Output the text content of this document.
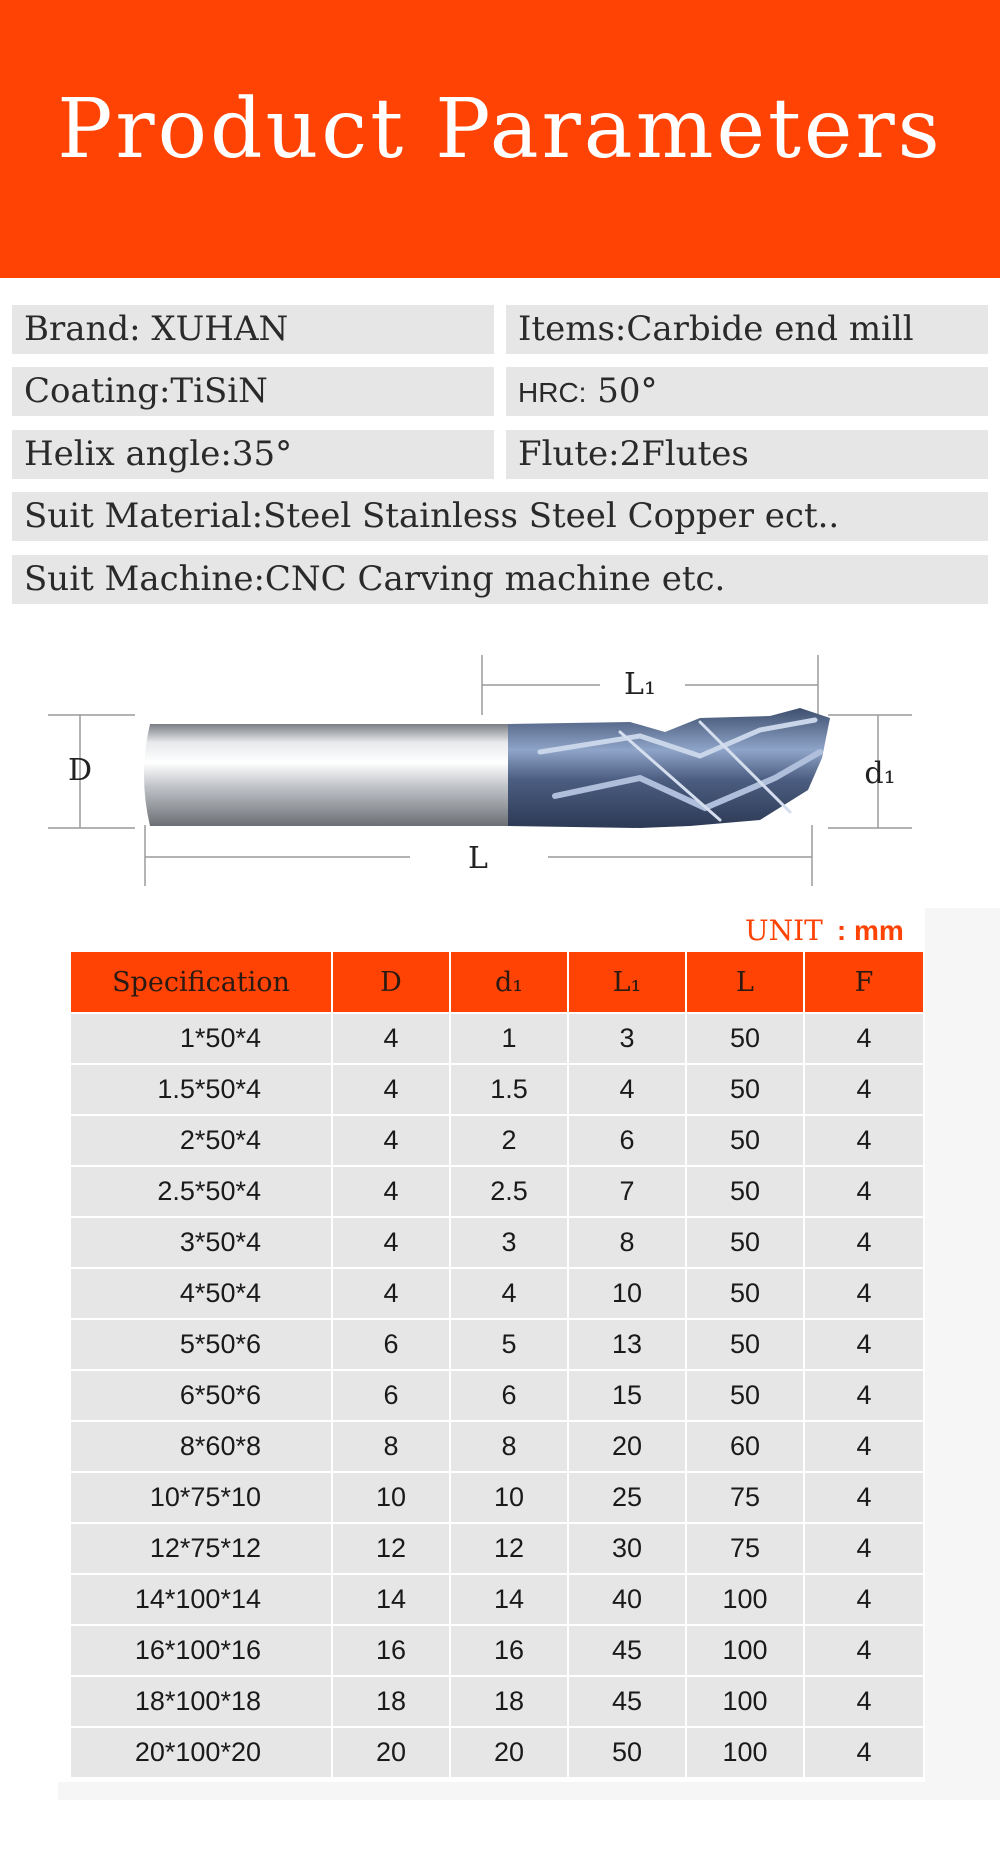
Product Parameters
Brand: XUHAN	Items:Carbide end mill
Coating:TiSiN	HRC: 50°
Helix angle:35°	Flute:2Flutes
Suit Material:Steel Stainless Steel Copper ect..
Suit Machine:CNC Carving machine etc.
L₁
D	d₁
L
UNIT : mm
Specification	D	d₁	L₁	L	F
1*50*4	4	1	3	50	4
1.5*50*4	4	1.5	4	50	4
2*50*4	4	2	6	50	4
2.5*50*4	4	2.5	7	50	4
3*50*4	4	3	8	50	4
4*50*4	4	4	10	50	4
5*50*6	6	5	13	50	4
6*50*6	6	6	15	50	4
8*60*8	8	8	20	60	4
10*75*10	10	10	25	75	4
12*75*12	12	12	30	75	4
14*100*14	14	14	40	100	4
16*100*16	16	16	45	100	4
18*100*18	18	18	45	100	4
20*100*20	20	20	50	100	4
